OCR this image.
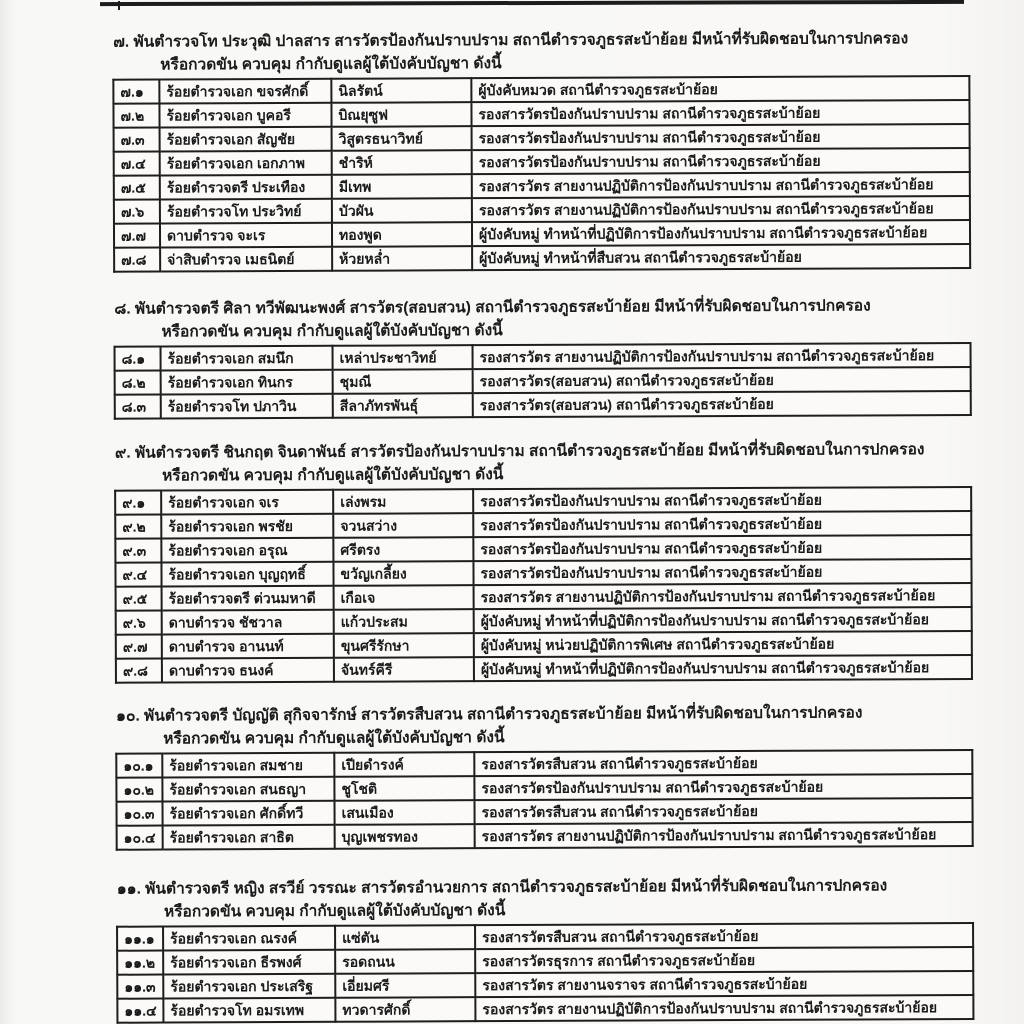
๗. พันตำรวจโท ประวุฒิ ปาลสาร สารวัตรป้องกันปราบปราม สถานีตำรวจภูธรสะบ้าย้อย มีหน้าที่รับผิดชอบในการปกครอง
หรือกวดขัน ควบคุม กำกับดูแลผู้ใต้บังคับบัญชา ดังนี้
๗.๑	ร้อยตำรวจเอก ขจรศักดิ์	นิลรัตน์	ผู้บังคับหมวด สถานีตำรวจภูธรสะบ้าย้อย
๗.๒	ร้อยตำรวจเอก บูคอรี	บิณยุซูฟ	รองสารวัตรป้องกันปราบปราม สถานีตำรวจภูธรสะบ้าย้อย
๗.๓	ร้อยตำรวจเอก สัญชัย	วิสูตรธนาวิทย์	รองสารวัตรป้องกันปราบปราม สถานีตำรวจภูธรสะบ้าย้อย
๗.๔	ร้อยตำรวจเอก เอกภาพ	ชำริห์	รองสารวัตรป้องกันปราบปราม สถานีตำรวจภูธรสะบ้าย้อย
๗.๕	ร้อยตำรวจตรี ประเทือง	มีเทพ	รองสารวัตร สายงานปฏิบัติการป้องกันปราบปราม สถานีตำรวจภูธรสะบ้าย้อย
๗.๖	ร้อยตำรวจโท ประวิทย์	บัวผัน	รองสารวัตร สายงานปฏิบัติการป้องกันปราบปราม สถานีตำรวจภูธรสะบ้าย้อย
๗.๗	ดาบตำรวจ จะเร	ทองพูด	ผู้บังคับหมู่ ทำหน้าที่ปฏิบัติการป้องกันปราบปราม สถานีตำรวจภูธรสะบ้าย้อย
๗.๘	จ่าสิบตำรวจ เมธนิตย์	ห้วยหล่ำ	ผู้บังคับหมู่ ทำหน้าที่สืบสวน สถานีตำรวจภูธรสะบ้าย้อย
๘. พันตำรวจตรี ศิลา ทวีพัฒนะพงศ์ สารวัตร(สอบสวน) สถานีตำรวจภูธรสะบ้าย้อย มีหน้าที่รับผิดชอบในการปกครอง
หรือกวดขัน ควบคุม กำกับดูแลผู้ใต้บังคับบัญชา ดังนี้
๘.๑	ร้อยตำรวจเอก สมนึก	เหล่าประชาวิทย์	รองสารวัตร สายงานปฏิบัติการป้องกันปราบปราม สถานีตำรวจภูธรสะบ้าย้อย
๘.๒	ร้อยตำรวจเอก ทินกร	ชุมณี	รองสารวัตร(สอบสวน) สถานีตำรวจภูธรสะบ้าย้อย
๘.๓	ร้อยตำรวจโท ปภาวิน	สีลาภัทรพันธุ์	รองสารวัตร(สอบสวน) สถานีตำรวจภูธรสะบ้าย้อย
๙. พันตำรวจตรี ชินกฤต จินดาพันธ์ สารวัตรป้องกันปราบปราม สถานีตำรวจภูธรสะบ้าย้อย มีหน้าที่รับผิดชอบในการปกครอง
หรือกวดขัน ควบคุม กำกับดูแลผู้ใต้บังคับบัญชา ดังนี้
๙.๑	ร้อยตำรวจเอก จเร	เล่งพรม	รองสารวัตรป้องกันปราบปราม สถานีตำรวจภูธรสะบ้าย้อย
๙.๒	ร้อยตำรวจเอก พรชัย	จวนสว่าง	รองสารวัตรป้องกันปราบปราม สถานีตำรวจภูธรสะบ้าย้อย
๙.๓	ร้อยตำรวจเอก อรุณ	ศรีตรง	รองสารวัตรป้องกันปราบปราม สถานีตำรวจภูธรสะบ้าย้อย
๙.๔	ร้อยตำรวจเอก บุญฤทธิ์	ขวัญเกลี้ยง	รองสารวัตรป้องกันปราบปราม สถานีตำรวจภูธรสะบ้าย้อย
๙.๕	ร้อยตำรวจตรี ต่วนมหาดี	เกือเจ	รองสารวัตร สายงานปฏิบัติการป้องกันปราบปราม สถานีตำรวจภูธรสะบ้าย้อย
๙.๖	ดาบตำรวจ ชัชวาล	แก้วประสม	ผู้บังคับหมู่ ทำหน้าที่ปฏิบัติการป้องกันปราบปราม สถานีตำรวจภูธรสะบ้าย้อย
๙.๗	ดาบตำรวจ อานนท์	ขุนศรีรักษา	ผู้บังคับหมู่ หน่วยปฏิบัติการพิเศษ สถานีตำรวจภูธรสะบ้าย้อย
๙.๘	ดาบตำรวจ ธนงค์	จันทร์คีรี	ผู้บังคับหมู่ ทำหน้าที่ปฏิบัติการป้องกันปราบปราม สถานีตำรวจภูธรสะบ้าย้อย
๑๐. พันตำรวจตรี บัญญัติ สุกิจจารักษ์ สารวัตรสืบสวน สถานีตำรวจภูธรสะบ้าย้อย มีหน้าที่รับผิดชอบในการปกครอง
หรือกวดขัน ควบคุม กำกับดูแลผู้ใต้บังคับบัญชา ดังนี้
๑๐.๑	ร้อยตำรวจเอก สมชาย	เปียดำรงค์	รองสารวัตรสืบสวน สถานีตำรวจภูธรสะบ้าย้อย
๑๐.๒	ร้อยตำรวจเอก สนธญา	ชูโชติ	รองสารวัตรป้องกันปราบปราม สถานีตำรวจภูธรสะบ้าย้อย
๑๐.๓	ร้อยตำรวจเอก ศักดิ์ทวี	เสนเมือง	รองสารวัตรสืบสวน สถานีตำรวจภูธรสะบ้าย้อย
๑๐.๔	ร้อยตำรวจเอก สาธิต	บุญเพชรทอง	รองสารวัตร สายงานปฏิบัติการป้องกันปราบปราม สถานีตำรวจภูธรสะบ้าย้อย
๑๑. พันตำรวจตรี หญิง สรวีย์ วรรณะ สารวัตรอำนวยการ สถานีตำรวจภูธรสะบ้าย้อย มีหน้าที่รับผิดชอบในการปกครอง
หรือกวดขัน ควบคุม กำกับดูแลผู้ใต้บังคับบัญชา ดังนี้
๑๑.๑	ร้อยตำรวจเอก ณรงค์	แซ่ตัน	รองสารวัตรสืบสวน สถานีตำรวจภูธรสะบ้าย้อย
๑๑.๒	ร้อยตำรวจเอก ธีรพงศ์	รอดถนน	รองสารวัตรธุรการ สถานีตำรวจภูธรสะบ้าย้อย
๑๑.๓	ร้อยตำรวจเอก ประเสริฐ	เอี่ยมศรี	รองสารวัตร สายงานจราจร สถานีตำรวจภูธรสะบ้าย้อย
๑๑.๔	ร้อยตำรวจโท อมรเทพ	ทวดารศักดิ์	รองสารวัตร สายงานปฏิบัติการป้องกันปราบปราม สถานีตำรวจภูธรสะบ้าย้อย
